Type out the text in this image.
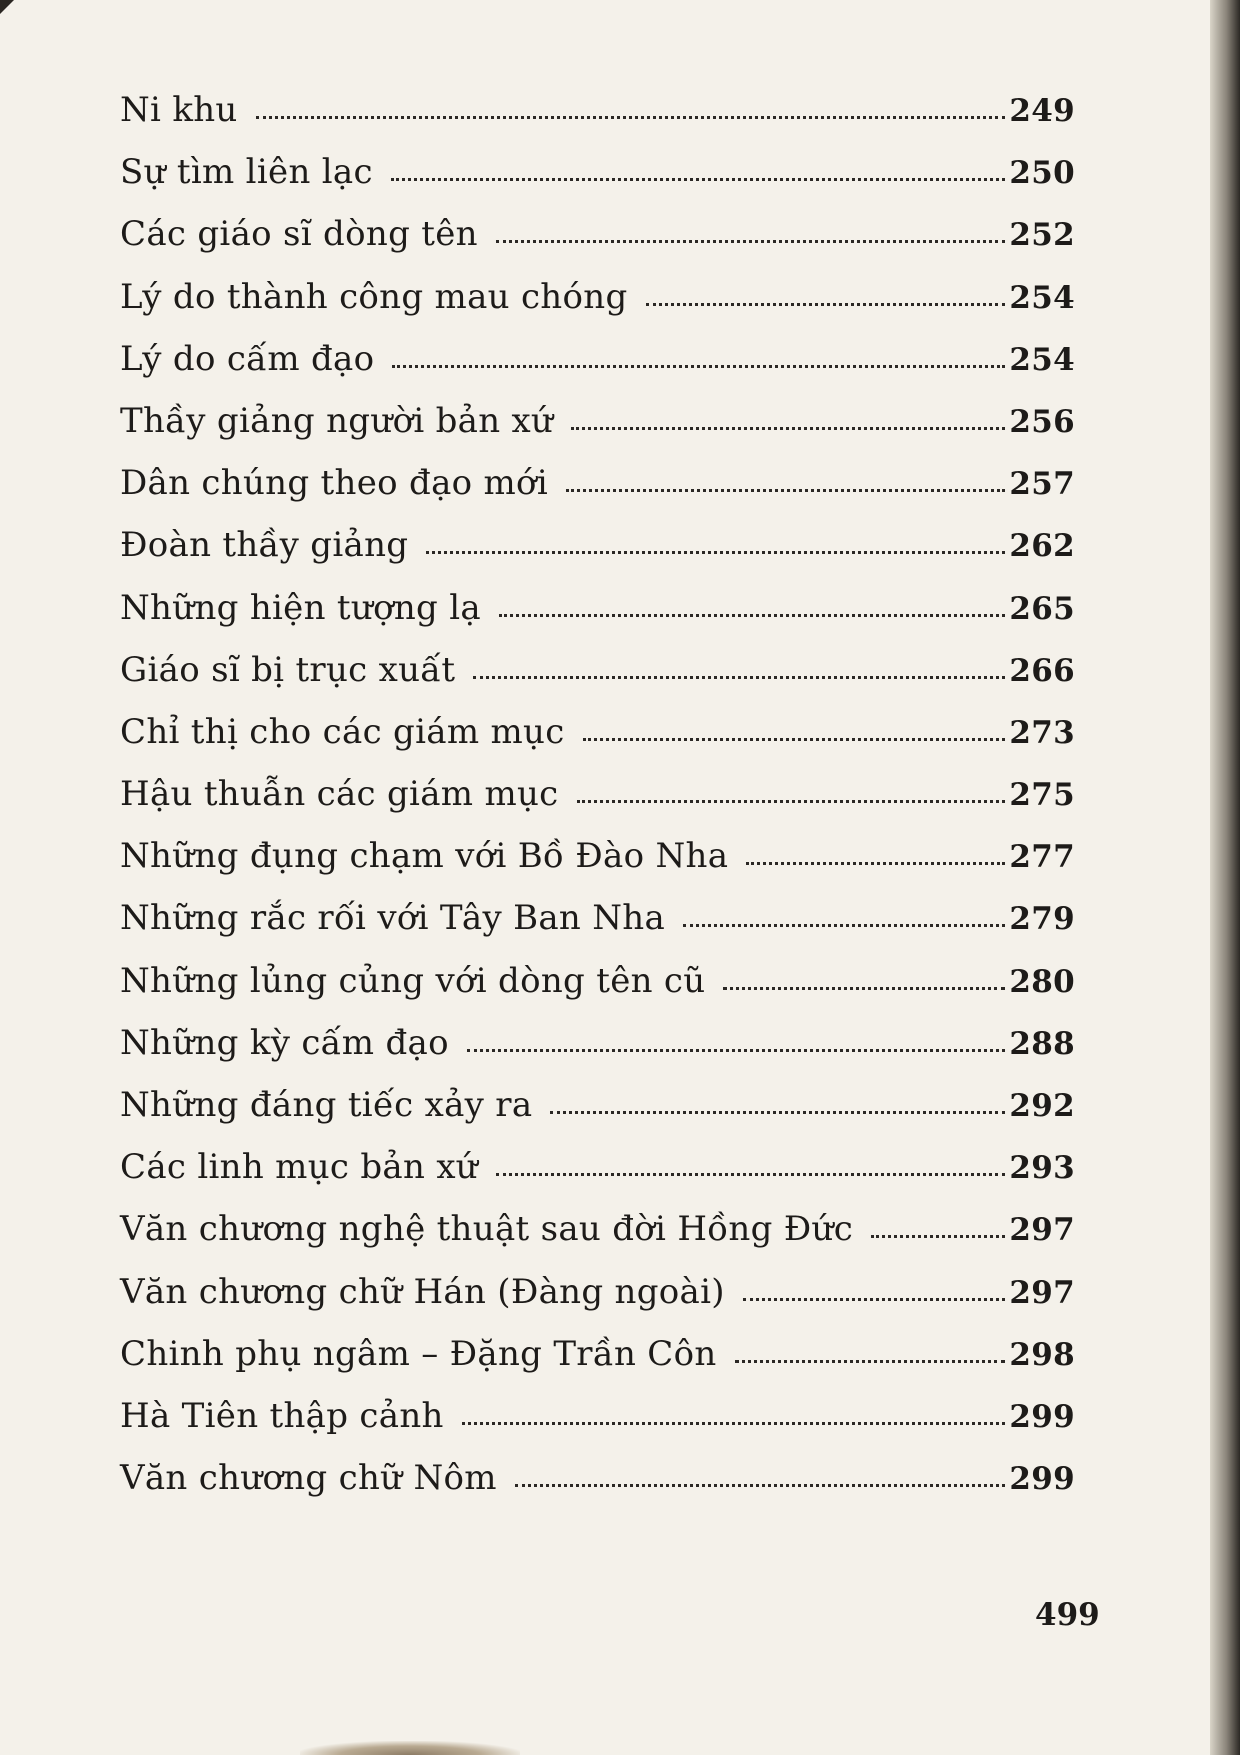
Ni khu	249
Sự tìm liên lạc	250
Các giáo sĩ dòng tên	252
Lý do thành công mau chóng	254
Lý do cấm đạo	254
Thầy giảng người bản xứ	256
Dân chúng theo đạo mới	257
Đoàn thầy giảng	262
Những hiện tượng lạ	265
Giáo sĩ bị trục xuất	266
Chỉ thị cho các giám mục	273
Hậu thuẫn các giám mục	275
Những đụng chạm với Bồ Đào Nha	277
Những rắc rối với Tây Ban Nha	279
Những lủng củng với dòng tên cũ	280
Những kỳ cấm đạo	288
Những đáng tiếc xảy ra	292
Các linh mục bản xứ	293
Văn chương nghệ thuật sau đời Hồng Đức	297
Văn chương chữ Hán (Đàng ngoài)	297
Chinh phụ ngâm – Đặng Trần Côn	298
Hà Tiên thập cảnh	299
Văn chương chữ Nôm	299
499
